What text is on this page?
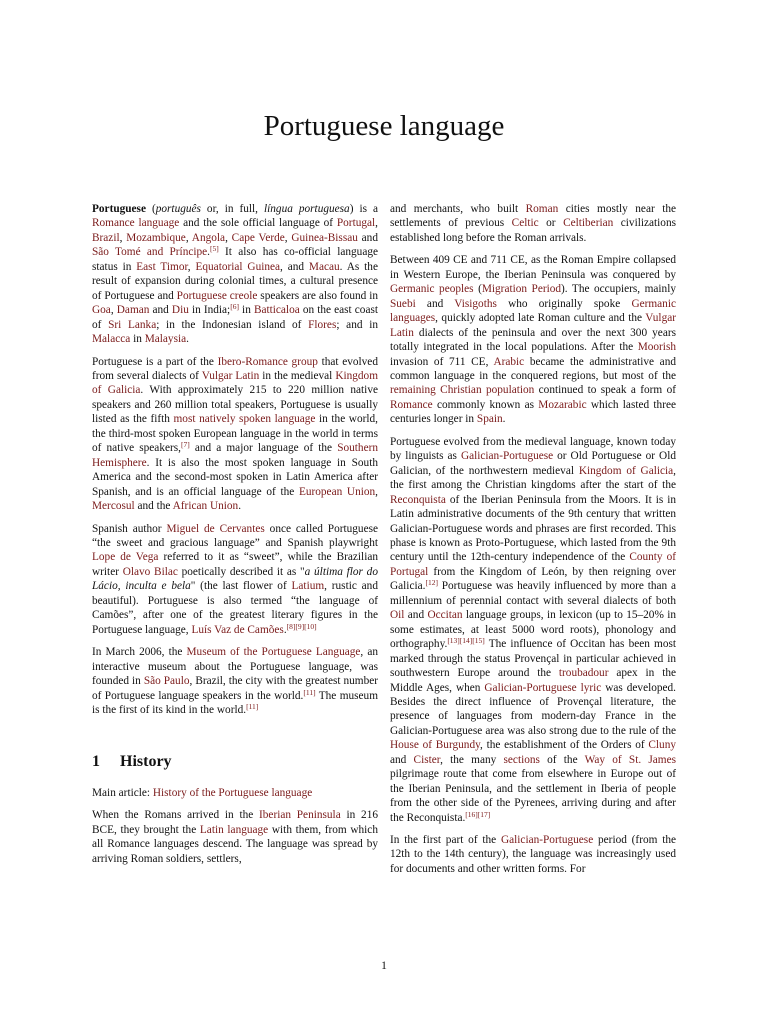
Portuguese language

Portuguese (português or, in full, língua portuguesa) is a Romance language and the sole official language of Portugal, Brazil, Mozambique, Angola, Cape Verde, Guinea-Bissau and São Tomé and Príncipe.[5] It also has co-official language status in East Timor, Equatorial Guinea, and Macau. As the result of expansion during colonial times, a cultural presence of Portuguese and Portuguese creole speakers are also found in Goa, Daman and Diu in India;[6] in Batticaloa on the east coast of Sri Lanka; in the Indonesian island of Flores; and in Malacca in Malaysia.

Portuguese is a part of the Ibero-Romance group that evolved from several dialects of Vulgar Latin in the medieval Kingdom of Galicia. With approximately 215 to 220 million native speakers and 260 million total speakers, Portuguese is usually listed as the fifth most natively spoken language in the world, the third-most spoken European language in the world in terms of native speakers,[7] and a major language of the Southern Hemisphere. It is also the most spoken language in South America and the second-most spoken in Latin America after Spanish, and is an official language of the European Union, Mercosul and the African Union.

Spanish author Miguel de Cervantes once called Portuguese “the sweet and gracious language” and Spanish playwright Lope de Vega referred to it as “sweet”, while the Brazilian writer Olavo Bilac poetically described it as "a última flor do Lácio, inculta e bela" (the last flower of Latium, rustic and beautiful). Portuguese is also termed “the language of Camões”, after one of the greatest literary figures in the Portuguese language, Luís Vaz de Camões.[8][9][10]

In March 2006, the Museum of the Portuguese Language, an interactive museum about the Portuguese language, was founded in São Paulo, Brazil, the city with the greatest number of Portuguese language speakers in the world.[11] The museum is the first of its kind in the world.[11]

1 History

Main article: History of the Portuguese language

When the Romans arrived in the Iberian Peninsula in 216 BCE, they brought the Latin language with them, from which all Romance languages descend. The language was spread by arriving Roman soldiers, settlers,

and merchants, who built Roman cities mostly near the settlements of previous Celtic or Celtiberian civilizations established long before the Roman arrivals.

Between 409 CE and 711 CE, as the Roman Empire collapsed in Western Europe, the Iberian Peninsula was conquered by Germanic peoples (Migration Period). The occupiers, mainly Suebi and Visigoths who originally spoke Germanic languages, quickly adopted late Roman culture and the Vulgar Latin dialects of the peninsula and over the next 300 years totally integrated in the local populations. After the Moorish invasion of 711 CE, Arabic became the administrative and common language in the conquered regions, but most of the remaining Christian population continued to speak a form of Romance commonly known as Mozarabic which lasted three centuries longer in Spain.

Portuguese evolved from the medieval language, known today by linguists as Galician-Portuguese or Old Portuguese or Old Galician, of the northwestern medieval Kingdom of Galicia, the first among the Christian kingdoms after the start of the Reconquista of the Iberian Peninsula from the Moors. It is in Latin administrative documents of the 9th century that written Galician-Portuguese words and phrases are first recorded. This phase is known as Proto-Portuguese, which lasted from the 9th century until the 12th-century independence of the County of Portugal from the Kingdom of León, by then reigning over Galicia.[12] Portuguese was heavily influenced by more than a millennium of perennial contact with several dialects of both Oil and Occitan language groups, in lexicon (up to 15–20% in some estimates, at least 5000 word roots), phonology and orthography.[13][14][15] The influence of Occitan has been most marked through the status Provençal in particular achieved in southwestern Europe around the troubadour apex in the Middle Ages, when Galician-Portuguese lyric was developed. Besides the direct influence of Provençal literature, the presence of languages from modern-day France in the Galician-Portuguese area was also strong due to the rule of the House of Burgundy, the establishment of the Orders of Cluny and Cister, the many sections of the Way of St. James pilgrimage route that come from elsewhere in Europe out of the Iberian Peninsula, and the settlement in Iberia of people from the other side of the Pyrenees, arriving during and after the Reconquista.[16][17]

In the first part of the Galician-Portuguese period (from the 12th to the 14th century), the language was increasingly used for documents and other written forms. For

1
